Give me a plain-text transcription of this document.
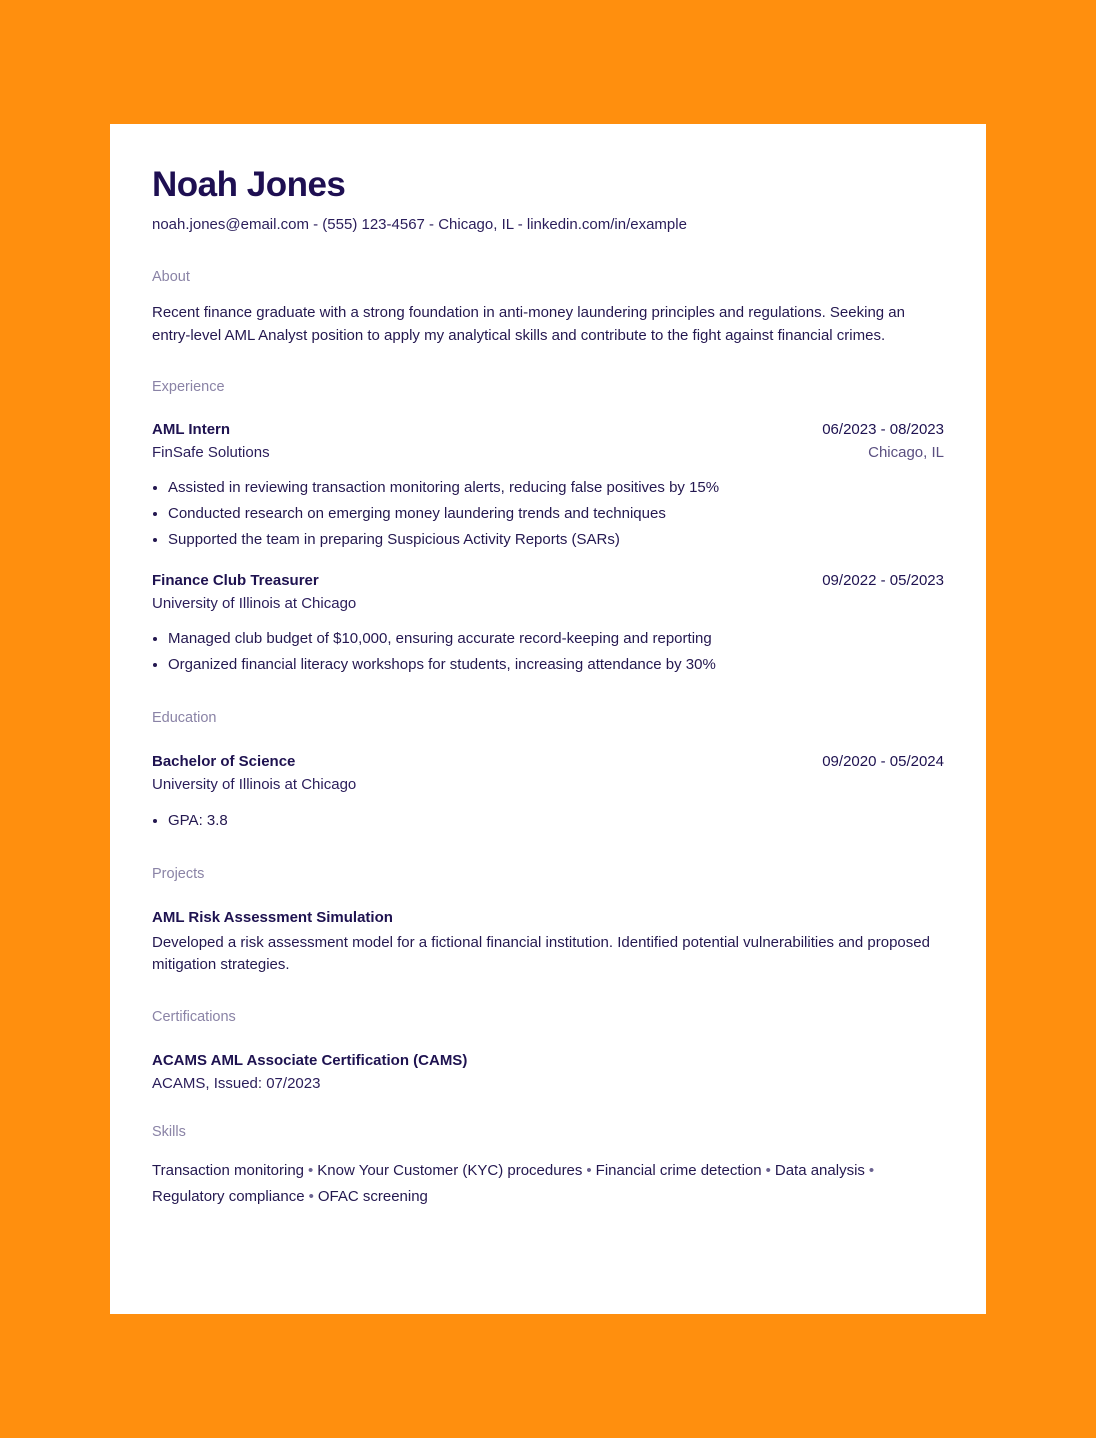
Noah Jones
noah.jones@email.com - (555) 123-4567 - Chicago, IL - linkedin.com/in/example
About
Recent finance graduate with a strong foundation in anti-money laundering principles and regulations. Seeking an entry-level AML Analyst position to apply my analytical skills and contribute to the fight against financial crimes.
Experience
AML Intern	06/2023 - 08/2023
FinSafe Solutions	Chicago, IL
• Assisted in reviewing transaction monitoring alerts, reducing false positives by 15%
• Conducted research on emerging money laundering trends and techniques
• Supported the team in preparing Suspicious Activity Reports (SARs)
Finance Club Treasurer	09/2022 - 05/2023
University of Illinois at Chicago
• Managed club budget of $10,000, ensuring accurate record-keeping and reporting
• Organized financial literacy workshops for students, increasing attendance by 30%
Education
Bachelor of Science	09/2020 - 05/2024
University of Illinois at Chicago
• GPA: 3.8
Projects
AML Risk Assessment Simulation
Developed a risk assessment model for a fictional financial institution. Identified potential vulnerabilities and proposed mitigation strategies.
Certifications
ACAMS AML Associate Certification (CAMS)
ACAMS, Issued: 07/2023
Skills
Transaction monitoring • Know Your Customer (KYC) procedures • Financial crime detection • Data analysis •
Regulatory compliance • OFAC screening
